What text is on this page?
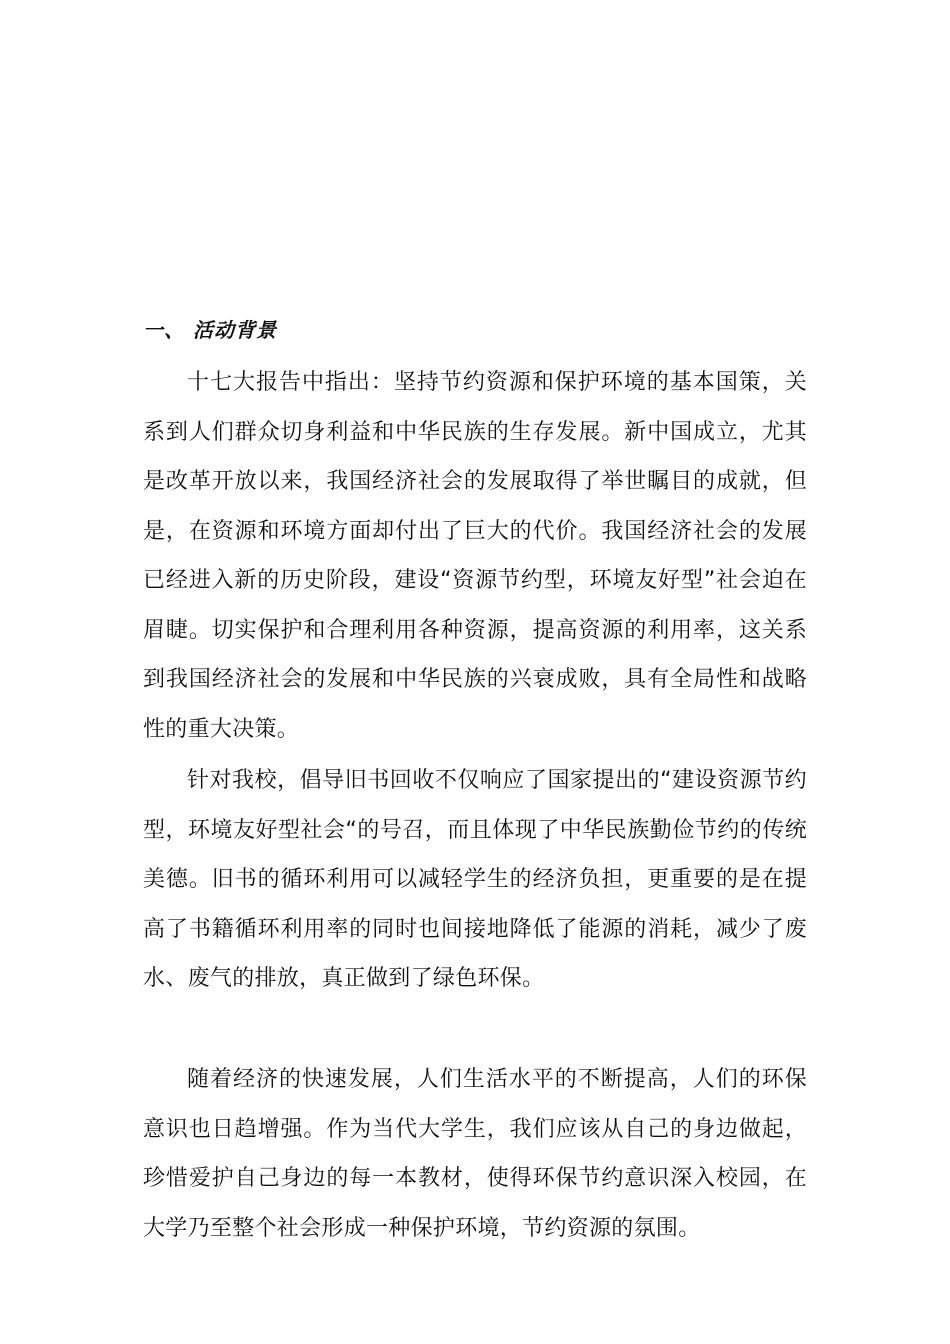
一、 活动背景

十七大报告中指出：坚持节约资源和保护环境的基本国策，关系到人们群众切身利益和中华民族的生存发展。新中国成立，尤其是改革开放以来，我国经济社会的发展取得了举世瞩目的成就，但是，在资源和环境方面却付出了巨大的代价。我国经济社会的发展已经进入新的历史阶段，建设“资源节约型，环境友好型”社会迫在眉睫。切实保护和合理利用各种资源，提高资源的利用率，这关系到我国经济社会的发展和中华民族的兴衰成败，具有全局性和战略性的重大决策。

针对我校，倡导旧书回收不仅响应了国家提出的“建设资源节约型，环境友好型社会“的号召，而且体现了中华民族勤俭节约的传统美德。旧书的循环利用可以减轻学生的经济负担，更重要的是在提高了书籍循环利用率的同时也间接地降低了能源的消耗，减少了废水、废气的排放，真正做到了绿色环保。

随着经济的快速发展，人们生活水平的不断提高，人们的环保意识也日趋增强。作为当代大学生，我们应该从自己的身边做起，珍惜爱护自己身边的每一本教材，使得环保节约意识深入校园，在大学乃至整个社会形成一种保护环境，节约资源的氛围。
